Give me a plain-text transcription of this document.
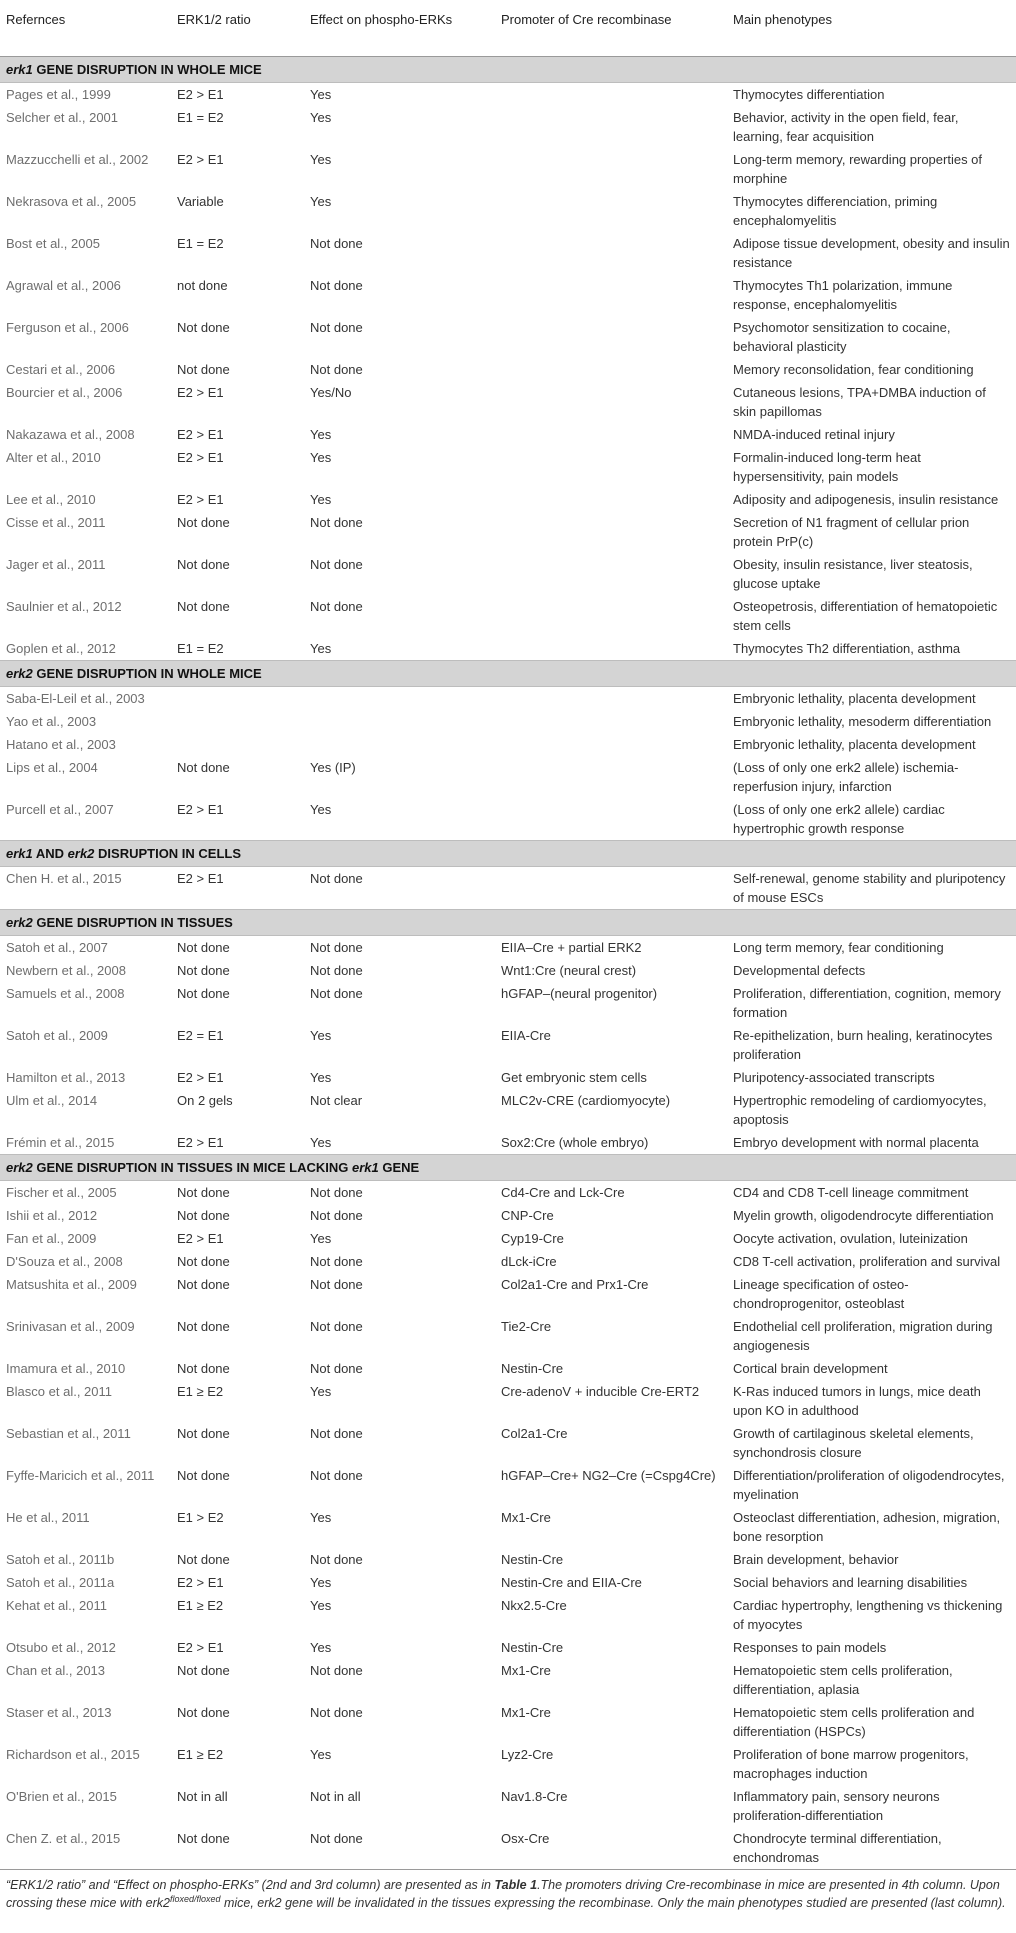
Refernces	ERK1/2 ratio	Effect on phospho-ERKs	Promoter of Cre recombinase	Main phenotypes
erk1 GENE DISRUPTION IN WHOLE MICE				
Pages et al., 1999	E2 > E1	Yes		Thymocytes differentiation
Selcher et al., 2001	E1 = E2	Yes		Behavior, activity in the open field, fear, learning, fear acquisition
Mazzucchelli et al., 2002	E2 > E1	Yes		Long-term memory, rewarding properties of morphine
Nekrasova et al., 2005	Variable	Yes		Thymocytes differenciation, priming encephalomyelitis
Bost et al., 2005	E1 = E2	Not done		Adipose tissue development, obesity and insulin resistance
Agrawal et al., 2006	not done	Not done		Thymocytes Th1 polarization, immune response, encephalomyelitis
Ferguson et al., 2006	Not done	Not done		Psychomotor sensitization to cocaine, behavioral plasticity
Cestari et al., 2006	Not done	Not done		Memory reconsolidation, fear conditioning
Bourcier et al., 2006	E2 > E1	Yes/No		Cutaneous lesions, TPA+DMBA induction of skin papillomas
Nakazawa et al., 2008	E2 > E1	Yes		NMDA-induced retinal injury
Alter et al., 2010	E2 > E1	Yes		Formalin-induced long-term heat hypersensitivity, pain models
Lee et al., 2010	E2 > E1	Yes		Adiposity and adipogenesis, insulin resistance
Cisse et al., 2011	Not done	Not done		Secretion of N1 fragment of cellular prion protein PrP(c)
Jager et al., 2011	Not done	Not done		Obesity, insulin resistance, liver steatosis, glucose uptake
Saulnier et al., 2012	Not done	Not done		Osteopetrosis, differentiation of hematopoietic stem cells
Goplen et al., 2012	E1 = E2	Yes		Thymocytes Th2 differentiation, asthma
erk2 GENE DISRUPTION IN WHOLE MICE				
Saba-El-Leil et al., 2003				Embryonic lethality, placenta development
Yao et al., 2003				Embryonic lethality, mesoderm differentiation
Hatano et al., 2003				Embryonic lethality, placenta development
Lips et al., 2004	Not done	Yes (IP)		(Loss of only one erk2 allele) ischemia-reperfusion injury, infarction
Purcell et al., 2007	E2 > E1	Yes		(Loss of only one erk2 allele) cardiac hypertrophic growth response
erk1 AND erk2 DISRUPTION IN CELLS				
Chen H. et al., 2015	E2 > E1	Not done		Self-renewal, genome stability and pluripotency of mouse ESCs
erk2 GENE DISRUPTION IN TISSUES				
Satoh et al., 2007	Not done	Not done	EIIA–Cre + partial ERK2	Long term memory, fear conditioning
Newbern et al., 2008	Not done	Not done	Wnt1:Cre (neural crest)	Developmental defects
Samuels et al., 2008	Not done	Not done	hGFAP–(neural progenitor)	Proliferation, differentiation, cognition, memory formation
Satoh et al., 2009	E2 = E1	Yes	EIIA-Cre	Re-epithelization, burn healing, keratinocytes proliferation
Hamilton et al., 2013	E2 > E1	Yes	Get embryonic stem cells	Pluripotency-associated transcripts
Ulm et al., 2014	On 2 gels	Not clear	MLC2v-CRE (cardiomyocyte)	Hypertrophic remodeling of cardiomyocytes, apoptosis
Frémin et al., 2015	E2 > E1	Yes	Sox2:Cre (whole embryo)	Embryo development with normal placenta
erk2 GENE DISRUPTION IN TISSUES IN MICE LACKING erk1 GENE				
Fischer et al., 2005	Not done	Not done	Cd4-Cre and Lck-Cre	CD4 and CD8 T-cell lineage commitment
Ishii et al., 2012	Not done	Not done	CNP-Cre	Myelin growth, oligodendrocyte differentiation
Fan et al., 2009	E2 > E1	Yes	Cyp19-Cre	Oocyte activation, ovulation, luteinization
D'Souza et al., 2008	Not done	Not done	dLck-iCre	CD8 T-cell activation, proliferation and survival
Matsushita et al., 2009	Not done	Not done	Col2a1-Cre and Prx1-Cre	Lineage specification of osteo-chondroprogenitor, osteoblast
Srinivasan et al., 2009	Not done	Not done	Tie2-Cre	Endothelial cell proliferation, migration during angiogenesis
Imamura et al., 2010	Not done	Not done	Nestin-Cre	Cortical brain development
Blasco et al., 2011	E1 ≥ E2	Yes	Cre-adenoV + inducible Cre-ERT2	K-Ras induced tumors in lungs, mice death upon KO in adulthood
Sebastian et al., 2011	Not done	Not done	Col2a1-Cre	Growth of cartilaginous skeletal elements, synchondrosis closure
Fyffe-Maricich et al., 2011	Not done	Not done	hGFAP–Cre+ NG2–Cre (=Cspg4Cre)	Differentiation/proliferation of oligodendrocytes, myelination
He et al., 2011	E1 > E2	Yes	Mx1-Cre	Osteoclast differentiation, adhesion, migration, bone resorption
Satoh et al., 2011b	Not done	Not done	Nestin-Cre	Brain development, behavior
Satoh et al., 2011a	E2 > E1	Yes	Nestin-Cre and EIIA-Cre	Social behaviors and learning disabilities
Kehat et al., 2011	E1 ≥ E2	Yes	Nkx2.5-Cre	Cardiac hypertrophy, lengthening vs thickening of myocytes
Otsubo et al., 2012	E2 > E1	Yes	Nestin-Cre	Responses to pain models
Chan et al., 2013	Not done	Not done	Mx1-Cre	Hematopoietic stem cells proliferation, differentiation, aplasia
Staser et al., 2013	Not done	Not done	Mx1-Cre	Hematopoietic stem cells proliferation and differentiation (HSPCs)
Richardson et al., 2015	E1 ≥ E2	Yes	Lyz2-Cre	Proliferation of bone marrow progenitors, macrophages induction
O'Brien et al., 2015	Not in all	Not in all	Nav1.8-Cre	Inflammatory pain, sensory neurons proliferation-differentiation
Chen Z. et al., 2015	Not done	Not done	Osx-Cre	Chondrocyte terminal differentiation, enchondromas
“ERK1/2 ratio” and “Effect on phospho-ERKs” (2nd and 3rd column) are presented as in Table 1.The promoters driving Cre-recombinase in mice are presented in 4th column. Upon crossing these mice with $erk2^{floxed/floxed}$ mice, erk2 gene will be invalidated in the tissues expressing the recombinase. Only the main phenotypes studied are presented (last column).
